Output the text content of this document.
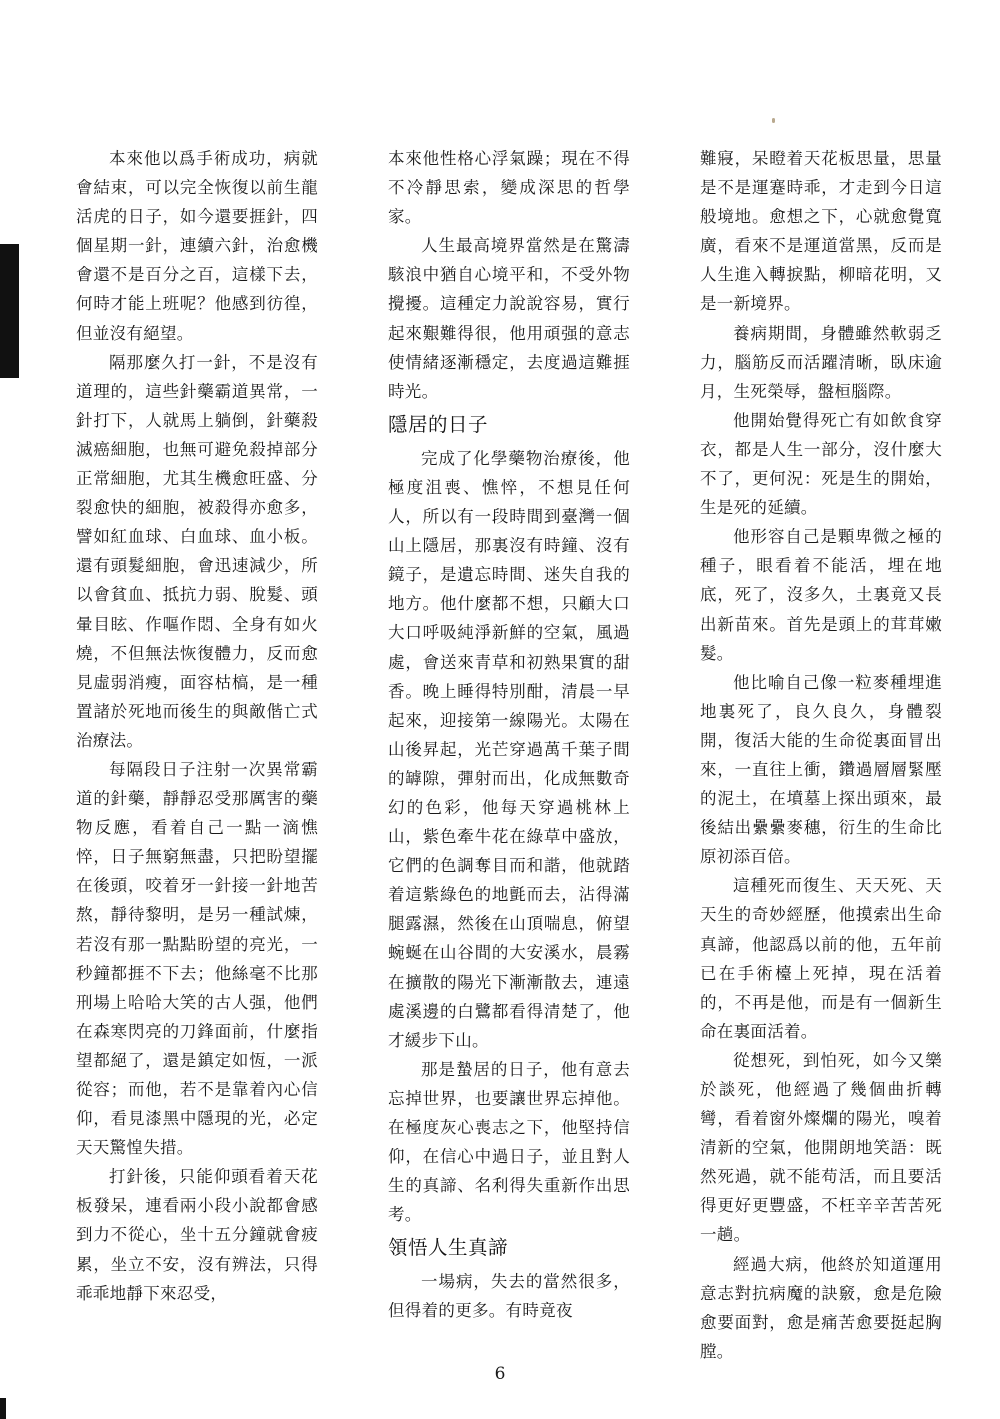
本來他以爲手術成功，病就會結束，可以完全恢復以前生龍活虎的日子，如今還要捱針，四個星期一針，連續六針，治愈機會還不是百分之百，這樣下去，何時才能上班呢？他感到彷徨，但並沒有絕望。

隔那麼久打一針，不是沒有道理的，這些針藥霸道異常，一針打下，人就馬上躺倒，針藥殺滅癌細胞，也無可避免殺掉部分正常細胞，尤其生機愈旺盛、分裂愈快的細胞，被殺得亦愈多，譬如紅血球、白血球、血小板。還有頭髮細胞，會迅速減少，所以會貧血、抵抗力弱、脫髮、頭暈目眩、作嘔作悶、全身有如火燒，不但無法恢復體力，反而愈見虛弱消瘦，面容枯槁，是一種置諸於死地而後生的與敵偕亡式治療法。

每隔段日子注射一次異常霸道的針藥，靜靜忍受那厲害的藥物反應，看着自己一點一滴憔悴，日子無窮無盡，只把盼望擺在後頭，咬着牙一針接一針地苦熬，靜待黎明，是另一種試煉，若沒有那一點點盼望的亮光，一秒鐘都捱不下去；他絲毫不比那刑場上哈哈大笑的古人强，他們在森寒閃亮的刀鋒面前，什麼指望都絕了，還是鎮定如恆，一派從容；而他，若不是靠着內心信仰，看見漆黑中隱現的光，必定天天驚惶失措。

打針後，只能仰頭看着天花板發呆，連看兩小段小說都會感到力不從心，坐十五分鐘就會疲累，坐立不安，沒有辨法，只得乖乖地靜下來忍受，

本來他性格心浮氣躁；現在不得不冷靜思索，變成深思的哲學家。

人生最高境界當然是在驚濤駭浪中猶自心境平和，不受外物攪擾。這種定力說說容易，實行起來艱難得很，他用頑强的意志使情緒逐漸穩定，去度過這難捱時光。

隱居的日子

完成了化學藥物治療後，他極度沮喪、憔悴，不想見任何人，所以有一段時間到臺灣一個山上隱居，那裏沒有時鐘、沒有鏡子，是遺忘時間、迷失自我的地方。他什麼都不想，只顧大口大口呼吸純淨新鮮的空氣，風過處，會送來青草和初熟果實的甜香。晚上睡得特別酣，清晨一早起來，迎接第一線陽光。太陽在山後昇起，光芒穿過萬千葉子間的罅隙，彈射而出，化成無數奇幻的色彩，他每天穿過桃林上山，紫色牽牛花在綠草中盛放，它們的色調奪目而和諧，他就踏着這紫綠色的地氈而去，沾得滿腿露濕，然後在山頂喘息，俯望蜿蜒在山谷間的大安溪水，晨霧在擴散的陽光下漸漸散去，連遠處溪邊的白鷺都看得清楚了，他才緩步下山。

那是蟄居的日子，他有意去忘掉世界，也要讓世界忘掉他。在極度灰心喪志之下，他堅持信仰，在信心中過日子，並且對人生的真諦、名利得失重新作出思考。

領悟人生真諦

一場病，失去的當然很多，但得着的更多。有時竟夜

難寢，呆瞪着天花板思量，思量是不是運蹇時乖，才走到今日這般境地。愈想之下，心就愈覺寬廣，看來不是運道當黑，反而是人生進入轉捩點，柳暗花明，又是一新境界。

養病期間，身體雖然軟弱乏力，腦筋反而活躍清晰，臥床逾月，生死榮辱，盤桓腦際。

他開始覺得死亡有如飲食穿衣，都是人生一部分，沒什麼大不了，更何況：死是生的開始，生是死的延續。

他形容自己是顆卑微之極的種子，眼看着不能活，埋在地底，死了，沒多久，土裏竟又長出新苗來。首先是頭上的茸茸嫩髮。

他比喻自己像一粒麥種埋進地裏死了，良久良久，身體裂開，復活大能的生命從裏面冒出來，一直往上衝，鑽過層層緊壓的泥土，在墳墓上探出頭來，最後結出纍纍麥穗，衍生的生命比原初添百倍。

這種死而復生、天天死、天天生的奇妙經歷，他摸索出生命真諦，他認爲以前的他，五年前已在手術檯上死掉，現在活着的，不再是他，而是有一個新生命在裏面活着。

從想死，到怕死，如今又樂於談死，他經過了幾個曲折轉彎，看着窗外燦爛的陽光，嗅着清新的空氣，他開朗地笑語：既然死過，就不能苟活，而且要活得更好更豐盛，不枉辛辛苦苦死一趟。

經過大病，他終於知道運用意志對抗病魔的訣竅，愈是危險愈要面對，愈是痛苦愈要挺起胸膛。

6
